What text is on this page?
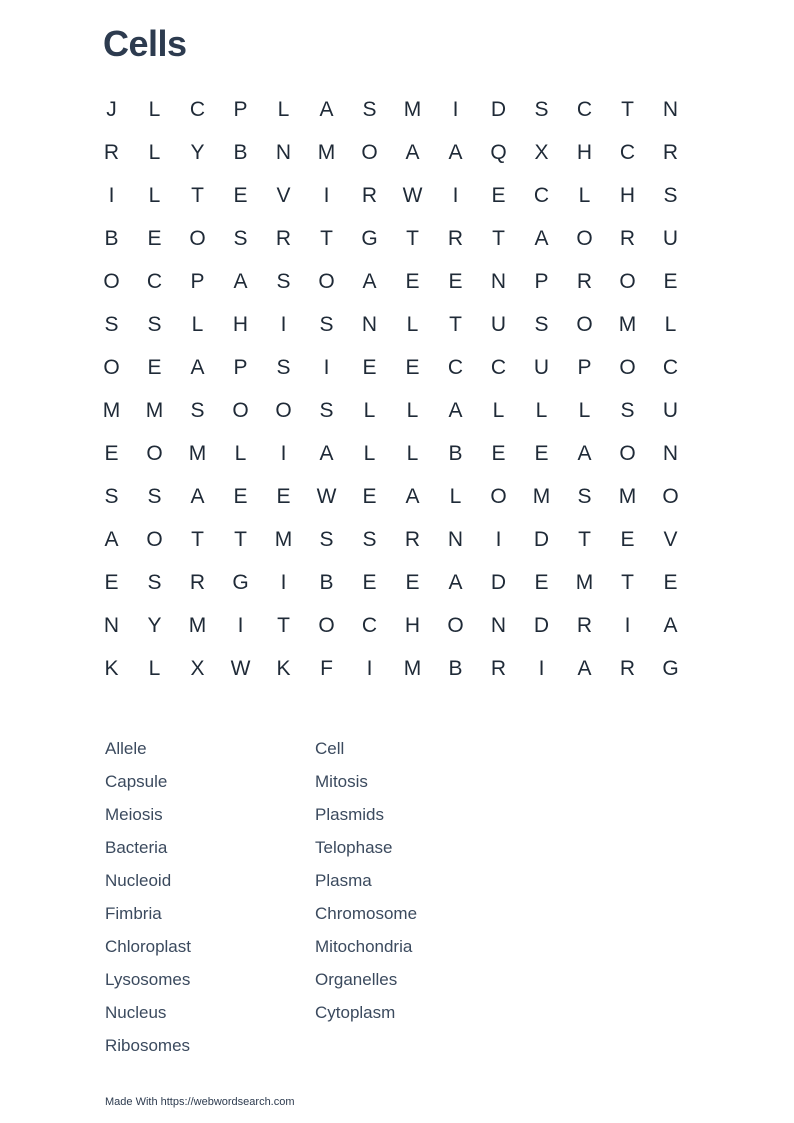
Cells
J	L	C	P	L	A	S	M	I	D	S	C	T	N
R	L	Y	B	N	M	O	A	A	Q	X	H	C	R
I	L	T	E	V	I	R	W	I	E	C	L	H	S
B	E	O	S	R	T	G	T	R	T	A	O	R	U
O	C	P	A	S	O	A	E	E	N	P	R	O	E
S	S	L	H	I	S	N	L	T	U	S	O	M	L
O	E	A	P	S	I	E	E	C	C	U	P	O	C
M	M	S	O	O	S	L	L	A	L	L	L	S	U
E	O	M	L	I	A	L	L	B	E	E	A	O	N
S	S	A	E	E	W	E	A	L	O	M	S	M	O
A	O	T	T	M	S	S	R	N	I	D	T	E	V
E	S	R	G	I	B	E	E	A	D	E	M	T	E
N	Y	M	I	T	O	C	H	O	N	D	R	I	A
K	L	X	W	K	F	I	M	B	R	I	A	R	G
Allele
Capsule
Meiosis
Bacteria
Nucleoid
Fimbria
Chloroplast
Lysosomes
Nucleus
Ribosomes
Cell
Mitosis
Plasmids
Telophase
Plasma
Chromosome
Mitochondria
Organelles
Cytoplasm
Made With https://webwordsearch.com
